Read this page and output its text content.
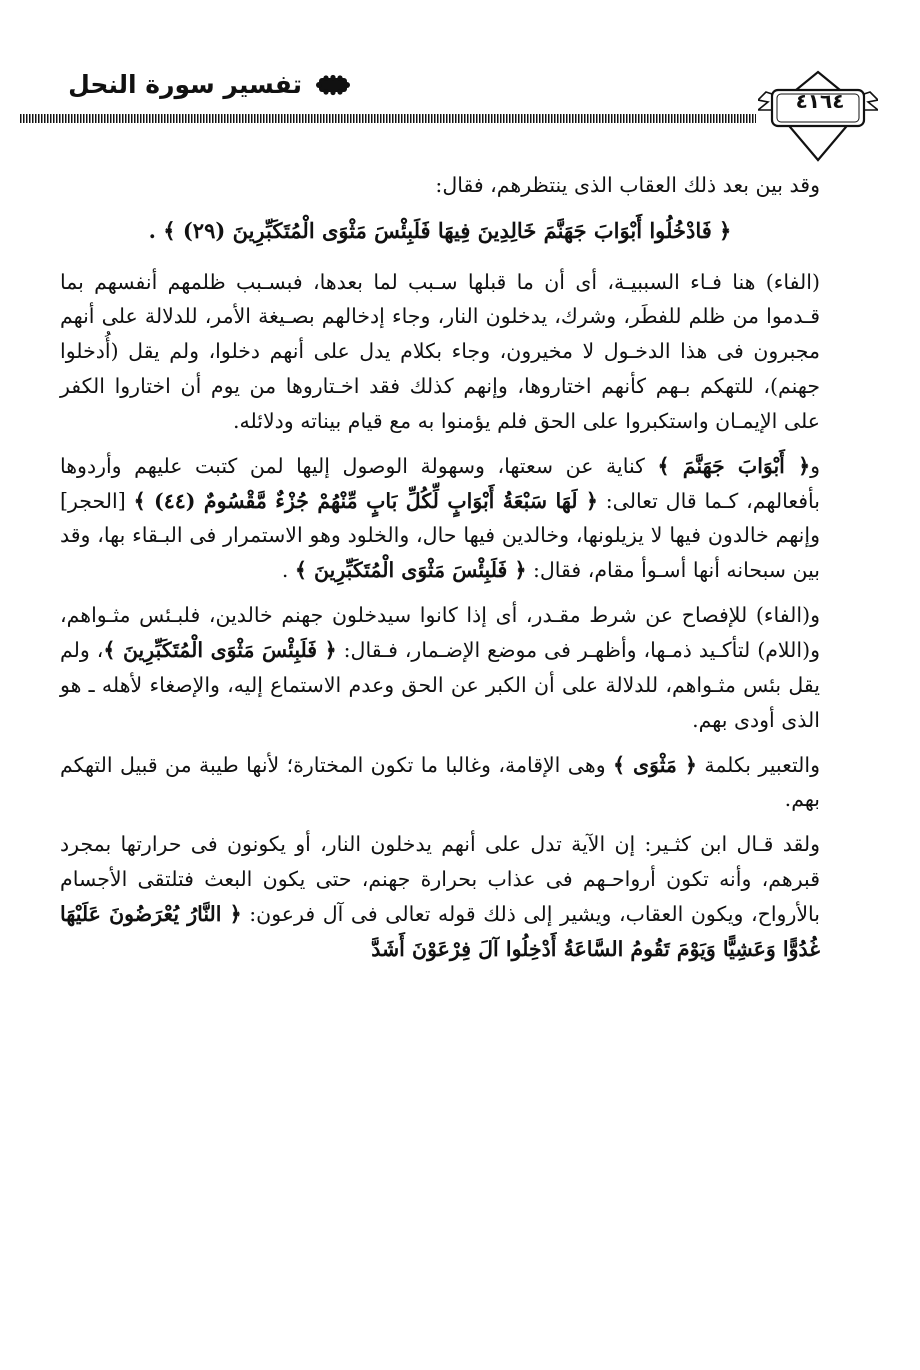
تفسير سورة النحل
٤١٦٤

وقد بين بعد ذلك العقاب الذى ينتظرهم، فقال:

﴿ فَادْخُلُوا أَبْوَابَ جَهَنَّمَ خَالِدِينَ فِيهَا فَلَبِئْسَ مَثْوَى الْمُتَكَبِّرِينَ (٢٩) ﴾ .

(الفاء) هنا فـاء السببيـة، أى أن ما قبلها سـبب لما بعدها، فبسـبب ظلمهم أنفسهم بما قـدموا من ظلم للفطَر، وشرك، يدخلون النار، وجاء إدخالهم بصـيغة الأمر، للدلالة على أنهم مجبرون فى هذا الدخـول لا مخيرون، وجاء بكلام يدل على أنهم دخلوا، ولم يقل (أُدخلوا جهنم)، للتهكم بـهم كأنهم اختاروها، وإنهم كذلك فقد اخـتاروها من يوم أن اختاروا الكفر على الإيمـان واستكبروا على الحق فلم يؤمنوا به مع قيام بيناته ودلائله.

و﴿ أَبْوَابَ جَهَنَّمَ ﴾ كناية عن سعتها، وسهولة الوصول إليها لمن كتبت عليهم وأردوها بأفعالهم، كـما قال تعالى: ﴿ لَهَا سَبْعَةُ أَبْوَابٍ لِّكُلِّ بَابٍ مِّنْهُمْ جُزْءٌ مَّقْسُومٌ (٤٤) ﴾ [الحجر] وإنهم خالدون فيها لا يزيلونها، وخالدين فيها حال، والخلود وهو الاستمرار فى البـقاء بها، وقد بين سبحانه أنها أسـوأ مقام، فقال: ﴿ فَلَبِئْسَ مَثْوَى الْمُتَكَبِّرِينَ ﴾ .

و(الفاء) للإفصاح عن شرط مقـدر، أى إذا كانوا سيدخلون جهنم خالدين، فلبـئس مثـواهم، و(اللام) لتأكـيد ذمـها، وأظهـر فى موضع الإضـمار، فـقال: ﴿ فَلَبِئْسَ مَثْوَى الْمُتَكَبِّرِينَ ﴾، ولم يقل بئس مثـواهم، للدلالة على أن الكبر عن الحق وعدم الاستماع إليه، والإصغاء لأهله ـ هو الذى أودى بهم.

والتعبير بكلمة ﴿ مَثْوَى ﴾ وهى الإقامة، وغالبا ما تكون المختارة؛ لأنها طيبة من قبيل التهكم بهم.

ولقد قـال ابن كثـير: إن الآية تدل على أنهم يدخلون النار، أو يكونون فى حرارتها بمجرد قبرهم، وأنه تكون أرواحـهم فى عذاب بحرارة جهنم، حتى يكون البعث فتلتقى الأجسام بالأرواح، ويكون العقاب، ويشير إلى ذلك قوله تعالى فى آل فرعون: ﴿ النَّارُ يُعْرَضُونَ عَلَيْهَا غُدُوًّا وَعَشِيًّا وَيَوْمَ تَقُومُ السَّاعَةُ أَدْخِلُوا آلَ فِرْعَوْنَ أَشَدَّ
